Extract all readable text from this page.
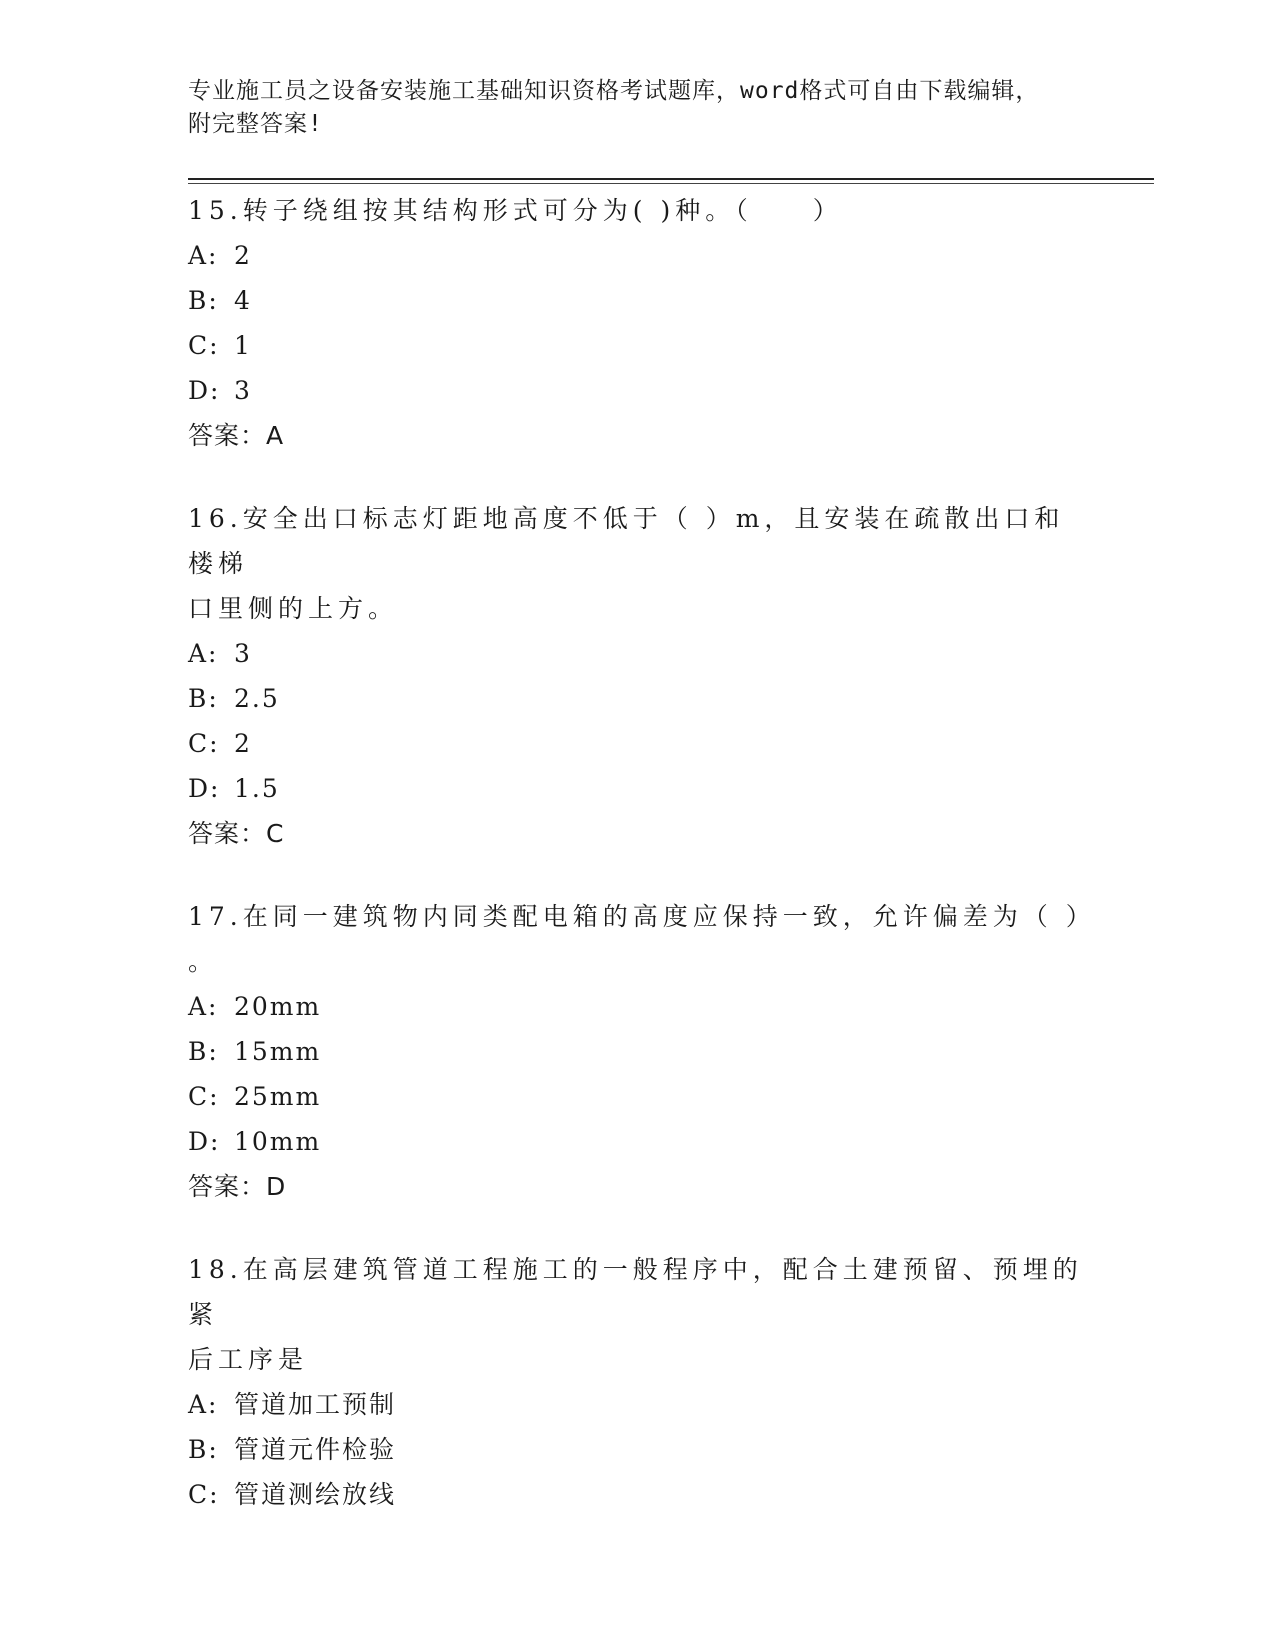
专业施工员之设备安装施工基础知识资格考试题库，word格式可自由下载编辑，
附完整答案!

15.转子绕组按其结构形式可分为( )种。（　　）

A: 2

B: 4

C: 1

D: 3

答案：A

16.安全出口标志灯距地高度不低于（ ）m，且安装在疏散出口和楼梯

口里侧的上方。

A: 3

B: 2.5

C: 2

D: 1.5

答案：C

17.在同一建筑物内同类配电箱的高度应保持一致，允许偏差为（ ）

。

A: 20mm

B: 15mm

C: 25mm

D: 10mm

答案：D

18.在高层建筑管道工程施工的一般程序中，配合土建预留、预埋的紧

后工序是

A: 管道加工预制

B: 管道元件检验

C: 管道测绘放线
